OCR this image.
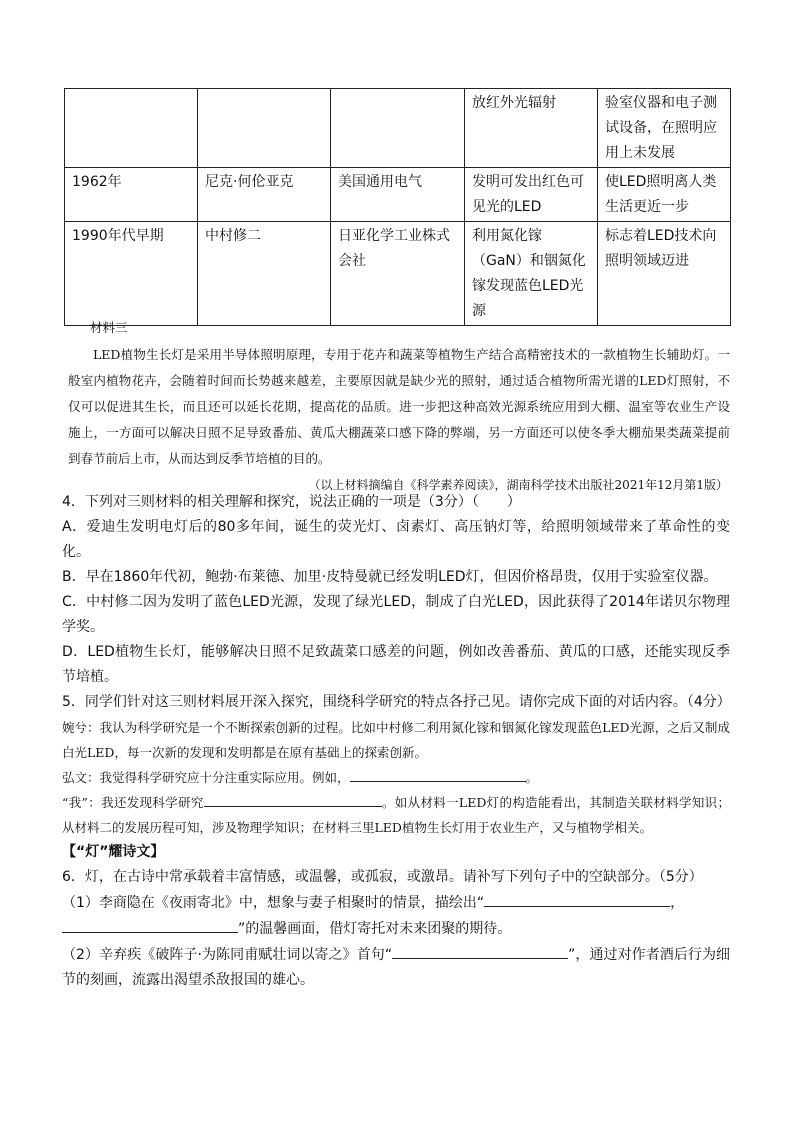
			放红外光辐射	验室仪器和电子测试设备，在照明应用上未发展
1962年	尼克·何伦亚克	美国通用电气	发明可发出红色可见光的LED	使LED照明离人类生活更近一步
1990年代早期	中村修二	日亚化学工业株式会社	利用氮化镓（GaN）和铟氮化镓发现蓝色LED光源	标志着LED技术向照明领域迈进
材料三
LED植物生长灯是采用半导体照明原理，专用于花卉和蔬菜等植物生产结合高精密技术的一款植物生长辅助灯。一般室内植物花卉，会随着时间而长势越来越差，主要原因就是缺少光的照射，通过适合植物所需光谱的LED灯照射，不仅可以促进其生长，而且还可以延长花期，提高花的品质。进一步把这种高效光源系统应用到大棚、温室等农业生产设施上，一方面可以解决日照不足导致番茄、黄瓜大棚蔬菜口感下降的弊端，另一方面还可以使冬季大棚茄果类蔬菜提前到春节前后上市，从而达到反季节培植的目的。
（以上材料摘编自《科学素养阅读》，湖南科学技术出版社2021年12月第1版）

4．下列对三则材料的相关理解和探究，说法正确的一项是（3分）（　　）

A．爱迪生发明电灯后的80多年间，诞生的荧光灯、卤素灯、高压钠灯等，给照明领域带来了革命性的变化。

B．早在1860年代初，鲍勃·布莱德、加里·皮特曼就已经发明LED灯，但因价格昂贵，仅用于实验室仪器。

C．中村修二因为发明了蓝色LED光源，发现了绿光LED，制成了白光LED，因此获得了2014年诺贝尔物理学奖。

D．LED植物生长灯，能够解决日照不足致蔬菜口感差的问题，例如改善番茄、黄瓜的口感，还能实现反季节培植。

5．同学们针对这三则材料展开深入探究，围绕科学研究的特点各抒己见。请你完成下面的对话内容。（4分）

婉兮：我认为科学研究是一个不断探索创新的过程。比如中村修二利用氮化镓和铟氮化镓发现蓝色LED光源，之后又制成白光LED，每一次新的发现和发明都是在原有基础上的探索创新。

弘文：我觉得科学研究应十分注重实际应用。例如，	。

“我”：我还发现科学研究	。如从材料一LED灯的构造能看出，其制造关联材料学知识；从材料二的发展历程可知，涉及物理学知识；在材料三里LED植物生长灯用于农业生产，又与植物学相关。

【“灯”耀诗文】

6．灯，在古诗中常承载着丰富情感，或温馨，或孤寂，或激昂。请补写下列句子中的空缺部分。（5分）

（1）李商隐在《夜雨寄北》中，想象与妻子相聚时的情景，描绘出“	，
”的温馨画面，借灯寄托对未来团聚的期待。

（2）辛弃疾《破阵子·为陈同甫赋壮词以寄之》首句“	”，通过对作者酒后行为细节的刻画，流露出渴望杀敌报国的雄心。
